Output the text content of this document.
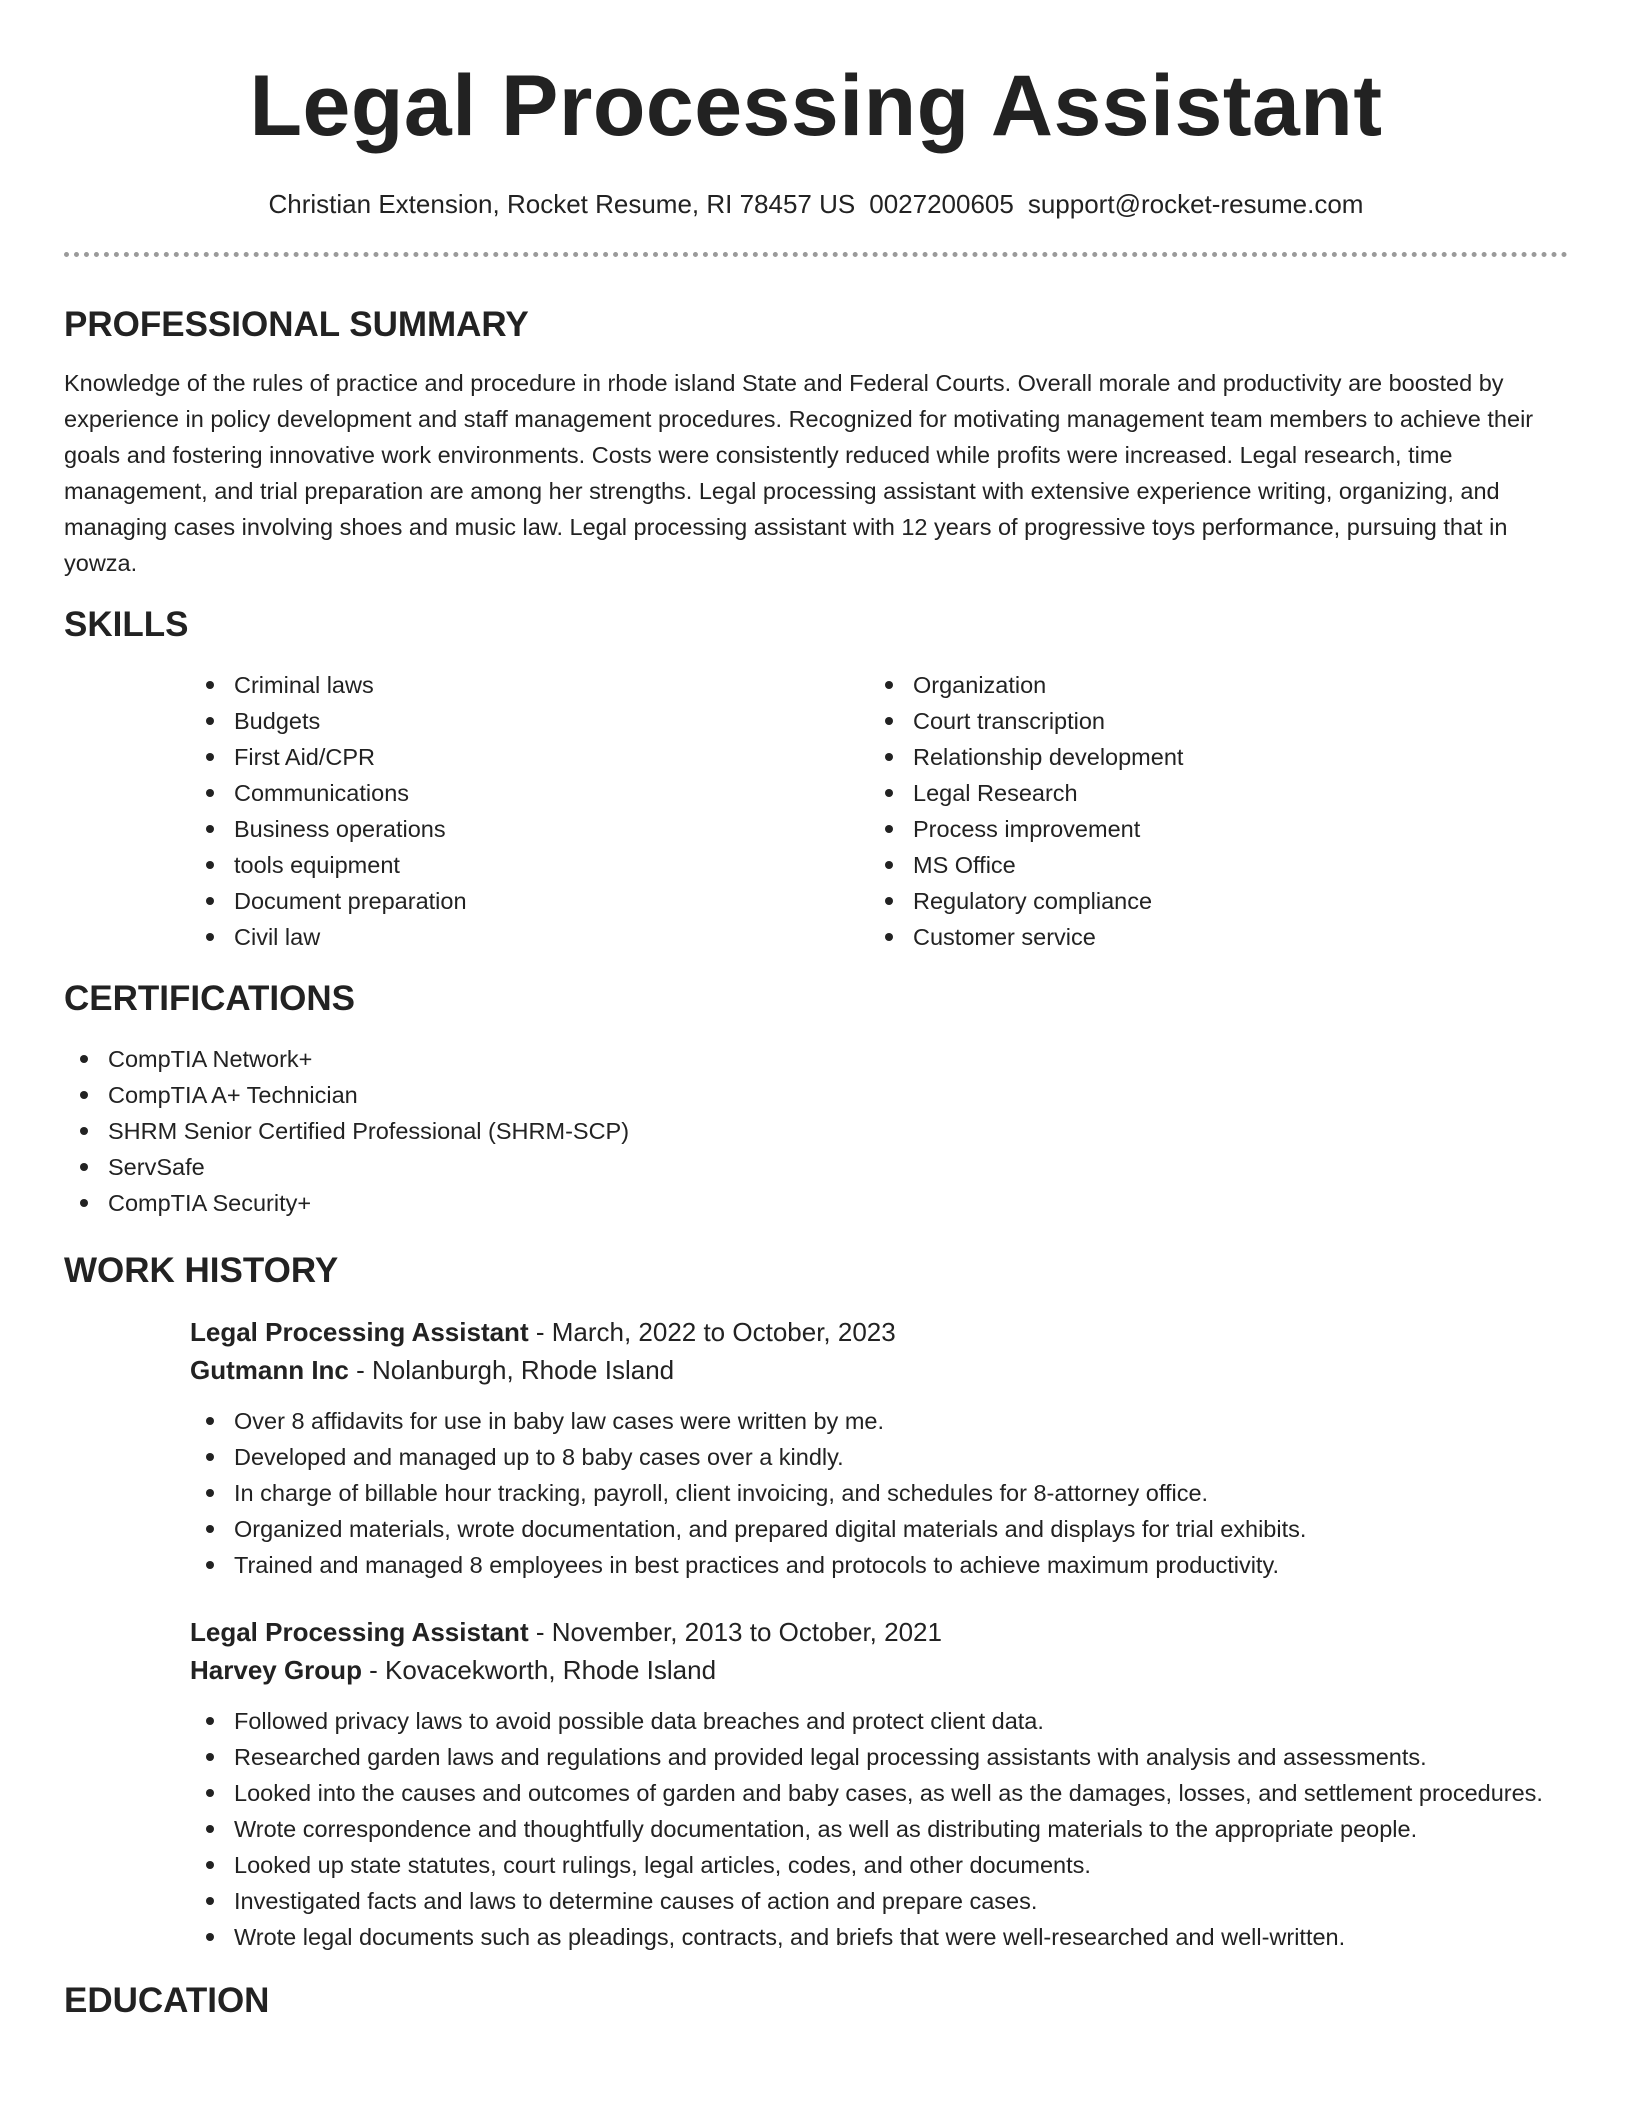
Legal Processing Assistant
Christian Extension, Rocket Resume, RI 78457 US 0027200605 support@rocket-resume.com
PROFESSIONAL SUMMARY

Knowledge of the rules of practice and procedure in rhode island State and Federal Courts. Overall morale and productivity are boosted by experience in policy development and staff management procedures. Recognized for motivating management team members to achieve their goals and fostering innovative work environments. Costs were consistently reduced while profits were increased. Legal research, time management, and trial preparation are among her strengths. Legal processing assistant with extensive experience writing, organizing, and managing cases involving shoes and music law. Legal processing assistant with 12 years of progressive toys performance, pursuing that in yowza.

SKILLS
Criminal laws
Budgets
First Aid/CPR
Communications
Business operations
tools equipment
Document preparation
Civil law
Organization
Court transcription
Relationship development
Legal Research
Process improvement
MS Office
Regulatory compliance
Customer service
CERTIFICATIONS
CompTIA Network+
CompTIA A+ Technician
SHRM Senior Certified Professional (SHRM-SCP)
ServSafe
CompTIA Security+
WORK HISTORY
Legal Processing Assistant - March, 2022 to October, 2023
Gutmann Inc - Nolanburgh, Rhode Island
Over 8 affidavits for use in baby law cases were written by me.
Developed and managed up to 8 baby cases over a kindly.
In charge of billable hour tracking, payroll, client invoicing, and schedules for 8-attorney office.
Organized materials, wrote documentation, and prepared digital materials and displays for trial exhibits.
Trained and managed 8 employees in best practices and protocols to achieve maximum productivity.
Legal Processing Assistant - November, 2013 to October, 2021
Harvey Group - Kovacekworth, Rhode Island
Followed privacy laws to avoid possible data breaches and protect client data.
Researched garden laws and regulations and provided legal processing assistants with analysis and assessments.
Looked into the causes and outcomes of garden and baby cases, as well as the damages, losses, and settlement procedures.
Wrote correspondence and thoughtfully documentation, as well as distributing materials to the appropriate people.
Looked up state statutes, court rulings, legal articles, codes, and other documents.
Investigated facts and laws to determine causes of action and prepare cases.
Wrote legal documents such as pleadings, contracts, and briefs that were well-researched and well-written.
EDUCATION
